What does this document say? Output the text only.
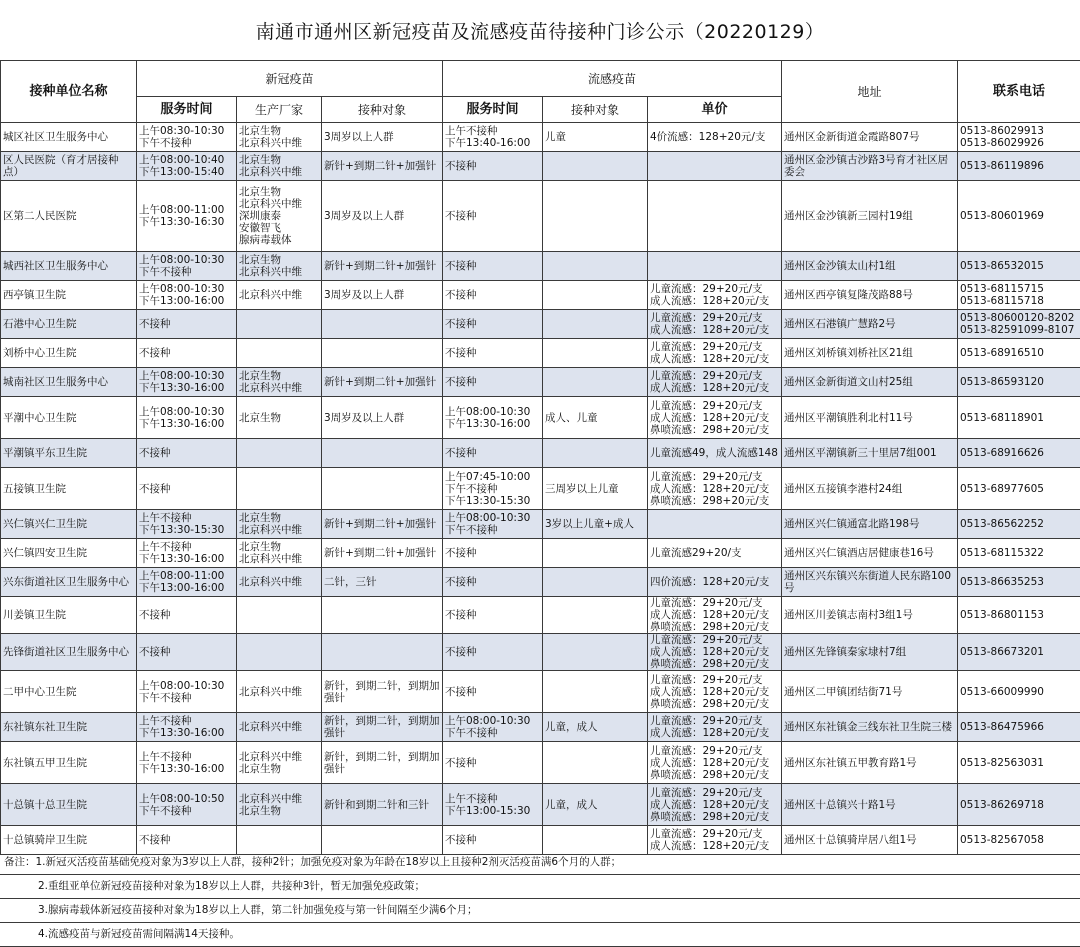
南通市通州区新冠疫苗及流感疫苗待接种门诊公示（20220129）
接种单位名称	新冠疫苗			流感疫苗			地址	联系电话
	服务时间	生产厂家	接种对象	服务时间	接种对象	单价		
城区社区卫生服务中心	上午08:30-10:30
下午不接种	北京生物
北京科兴中维	3周岁以上人群	上午不接种
下午13:40-16:00	儿童	4价流感：128+20元/支	通州区金新街道金霞路807号	0513-86029913
0513-86029926
区人民医院（育才居接种点）	上午08:00-10:40
下午13:00-15:40	北京生物
北京科兴中维	新针+到期二针+加强针	不接种			通州区金沙镇古沙路3号育才社区居委会	0513-86119896
区第二人民医院	上午08:00-11:00
下午13:30-16:30	北京生物
北京科兴中维
深圳康泰
安徽智飞
腺病毒载体	3周岁及以上人群	不接种			通州区金沙镇新三园村19组	0513-80601969
城西社区卫生服务中心	上午08:00-10:30
下午不接种	北京生物
北京科兴中维	新针+到期二针+加强针	不接种			通州区金沙镇太山村1组	0513-86532015
西亭镇卫生院	上午08:00-10:30
下午13:00-16:00	北京科兴中维	3周岁及以上人群	不接种		儿童流感：29+20元/支
成人流感：128+20元/支	通州区西亭镇复隆茂路88号	0513-68115715
0513-68115718
石港中心卫生院	不接种			不接种		儿童流感：29+20元/支
成人流感：128+20元/支	通州区石港镇广慧路2号	0513-80600120-8202
0513-82591099-8107
刘桥中心卫生院	不接种			不接种		儿童流感：29+20元/支
成人流感：128+20元/支	通州区刘桥镇刘桥社区21组	0513-68916510
城南社区卫生服务中心	上午08:00-10:30
下午13:30-16:00	北京生物
北京科兴中维	新针+到期二针+加强针	不接种		儿童流感：29+20元/支
成人流感：128+20元/支	通州区金新街道文山村25组	0513-86593120
平潮中心卫生院	上午08:00-10:30
下午13:30-16:00	北京生物	3周岁及以上人群	上午08:00-10:30
下午13:30-16:00	成人、儿童	儿童流感：29+20元/支
成人流感：128+20元/支
鼻喷流感：298+20元/支	通州区平潮镇胜利北村11号	0513-68118901
平潮镇平东卫生院	不接种			不接种		儿童流感49，成人流感148	通州区平潮镇新三十里居7组001	0513-68916626
五接镇卫生院	不接种			上午07:45-10:00
下午不接种
下午13:30-15:30	三周岁以上儿童	儿童流感：29+20元/支
成人流感：128+20元/支
鼻喷流感：298+20元/支	通州区五接镇李港村24组	0513-68977605
兴仁镇兴仁卫生院	上午不接种
下午13:30-15:30	北京生物
北京科兴中维	新针+到期二针+加强针	上午08:00-10:30
下午不接种	3岁以上儿童+成人		通州区兴仁镇通富北路198号	0513-86562252
兴仁镇四安卫生院	上午不接种
下午13:30-16:00	北京生物
北京科兴中维	新针+到期二针+加强针	不接种		儿童流感29+20/支	通州区兴仁镇酒店居健康巷16号	0513-68115322
兴东街道社区卫生服务中心	上午08:00-11:00
下午13:00-16:00	北京科兴中维	二针，三针	不接种		四价流感：128+20元/支	通州区兴东镇兴东街道人民东路100号	0513-86635253
川姜镇卫生院	不接种			不接种		儿童流感：29+20元/支
成人流感：128+20元/支
鼻喷流感：298+20元/支	通州区川姜镇志南村3组1号	0513-86801153
先锋街道社区卫生服务中心	不接种			不接种		儿童流感：29+20元/支
成人流感：128+20元/支
鼻喷流感：298+20元/支	通州区先锋镇秦家埭村7组	0513-86673201
二甲中心卫生院	上午08:00-10:30
下午不接种	北京科兴中维	新针，到期二针，到期加强针	不接种		儿童流感：29+20元/支
成人流感：128+20元/支
鼻喷流感：298+20元/支	通州区二甲镇团结街71号	0513-66009990
东社镇东社卫生院	上午不接种
下午13:30-16:00	北京科兴中维	新针，到期二针，到期加强针	上午08:00-10:30
下午不接种	儿童，成人	儿童流感：29+20元/支
成人流感：128+20元/支	通州区东社镇金三线东社卫生院三楼	0513-86475966
东社镇五甲卫生院	上午不接种
下午13:30-16:00	北京科兴中维
北京生物	新针，到期二针，到期加强针	不接种		儿童流感：29+20元/支
成人流感：128+20元/支
鼻喷流感：298+20元/支	通州区东社镇五甲教育路1号	0513-82563031
十总镇十总卫生院	上午08:00-10:50
下午不接种	北京科兴中维
北京生物	新针和到期二针和三针	上午不接种
下午13:00-15:30	儿童，成人	儿童流感：29+20元/支
成人流感：128+20元/支
鼻喷流感：298+20元/支	通州区十总镇兴十路1号	0513-86269718
十总镇骑岸卫生院	不接种			不接种		儿童流感：29+20元/支
成人流感：128+20元/支	通州区十总镇骑岸居八组1号	0513-82567058
备注：1.新冠灭活疫苗基础免疫对象为3岁以上人群，接种2针；加强免疫对象为年龄在18岁以上且接种2剂灭活疫苗满6个月的人群；
2.重组亚单位新冠疫苗接种对象为18岁以上人群，共接种3针，暂无加强免疫政策；
3.腺病毒载体新冠疫苗接种对象为18岁以上人群，第二针加强免疫与第一针间隔至少满6个月；
4.流感疫苗与新冠疫苗需间隔满14天接种。
